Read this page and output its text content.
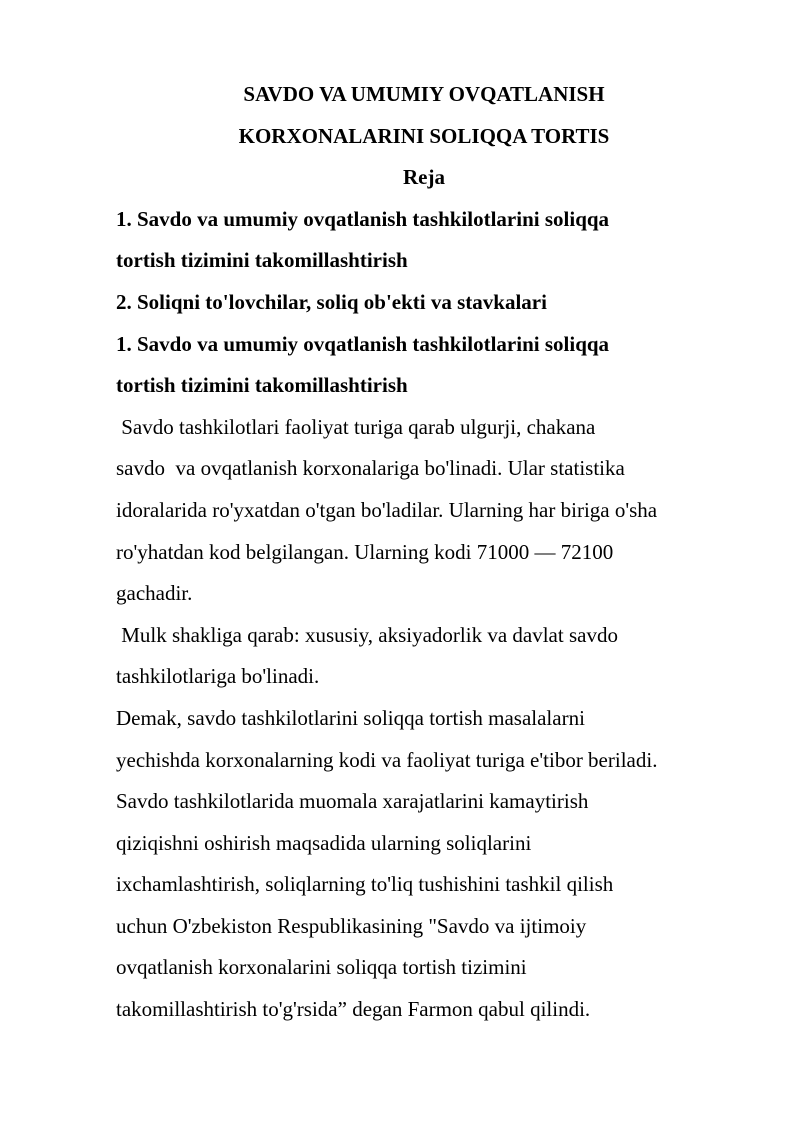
SAVDO VA UMUMIY OVQATLANISH
KORXONALARINI SOLIQQA TORTIS
Reja
1. Savdo va umumiy ovqatlanish tashkilotlarini soliqqa
tortish tizimini takomillashtirish
2. Soliqni to'lovchilar, soliq ob'ekti va stavkalari
1. Savdo va umumiy ovqatlanish tashkilotlarini soliqqa
tortish tizimini takomillashtirish
Savdo tashkilotlari faoliyat turiga qarab ulgurji, chakana
savdo  va ovqatlanish korxonalariga bo'linadi. Ular statistika
idoralarida ro'yxatdan o'tgan bo'ladilar. Ularning har biriga o'sha
ro'yhatdan kod belgilangan. Ularning kodi 71000 — 72100
gachadir.
Mulk shakliga qarab: xususiy, aksiyadorlik va davlat savdo
tashkilotlariga bo'linadi.
Demak, savdo tashkilotlarini soliqqa tortish masalalarni
yechishda korxonalarning kodi va faoliyat turiga e'tibor beriladi.
Savdo tashkilotlarida muomala xarajatlarini kamaytirish
qiziqishni oshirish maqsadida ularning soliqlarini
ixchamlashtirish, soliqlarning to'liq tushishini tashkil qilish
uchun O'zbekiston Respublikasining "Savdo va ijtimoiy
ovqatlanish korxonalarini soliqqa tortish tizimini
takomillashtirish to'g'rsida” degan Farmon qabul qilindi.
